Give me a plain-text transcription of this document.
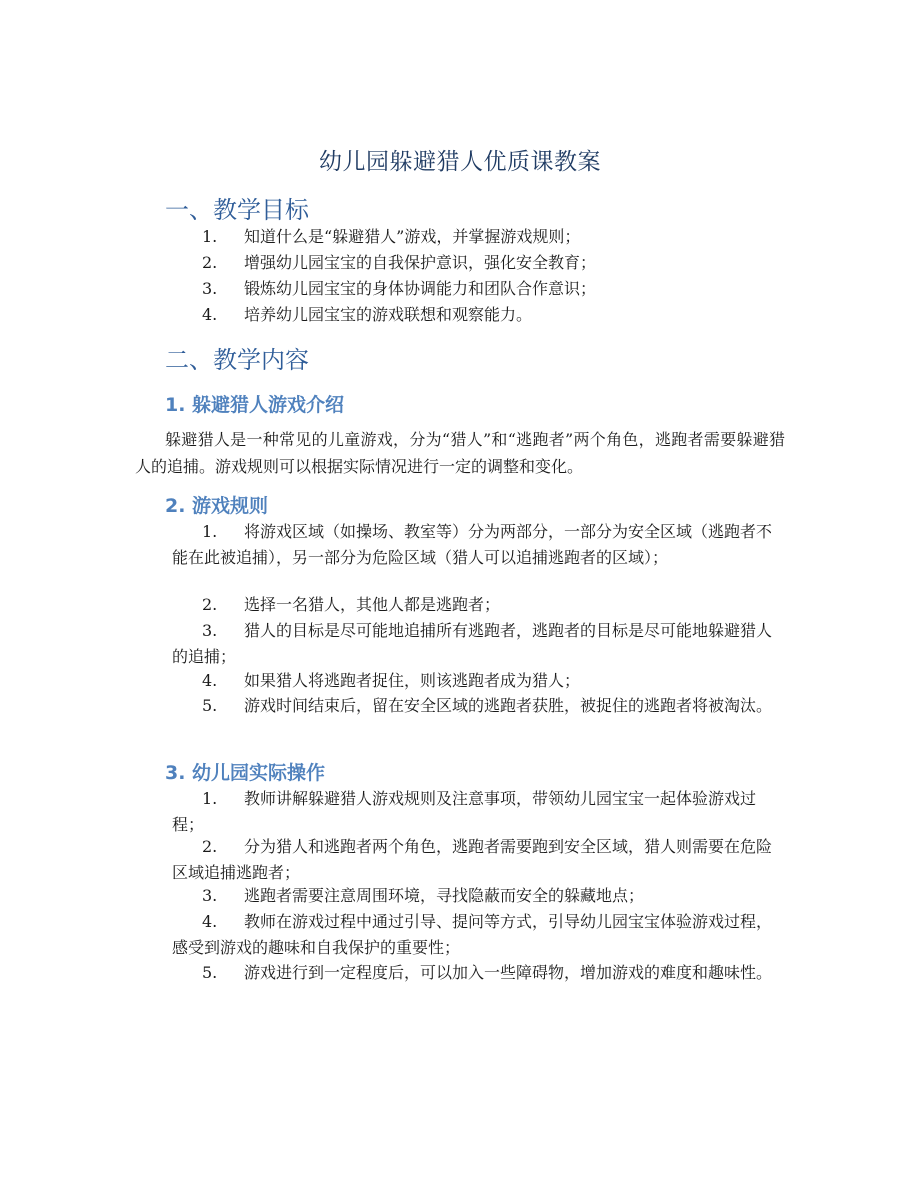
幼儿园躲避猎人优质课教案
一、教学目标
1. 知道什么是“躲避猎人”游戏，并掌握游戏规则；
2. 增强幼儿园宝宝的自我保护意识，强化安全教育；
3. 锻炼幼儿园宝宝的身体协调能力和团队合作意识；
4. 培养幼儿园宝宝的游戏联想和观察能力。
二、教学内容
1. 躲避猎人游戏介绍
躲避猎人是一种常见的儿童游戏，分为“猎人”和“逃跑者”两个角色，逃跑者需要躲避猎人的追捕。游戏规则可以根据实际情况进行一定的调整和变化。
2. 游戏规则
1. 将游戏区域（如操场、教室等）分为两部分，一部分为安全区域（逃跑者不能在此被追捕），另一部分为危险区域（猎人可以追捕逃跑者的区域）；
2. 选择一名猎人，其他人都是逃跑者；
3. 猎人的目标是尽可能地追捕所有逃跑者，逃跑者的目标是尽可能地躲避猎人的追捕；
4. 如果猎人将逃跑者捉住，则该逃跑者成为猎人；
5. 游戏时间结束后，留在安全区域的逃跑者获胜，被捉住的逃跑者将被淘汰。
3. 幼儿园实际操作
1. 教师讲解躲避猎人游戏规则及注意事项，带领幼儿园宝宝一起体验游戏过程；
2. 分为猎人和逃跑者两个角色，逃跑者需要跑到安全区域，猎人则需要在危险区域追捕逃跑者；
3. 逃跑者需要注意周围环境，寻找隐蔽而安全的躲藏地点；
4. 教师在游戏过程中通过引导、提问等方式，引导幼儿园宝宝体验游戏过程，感受到游戏的趣味和自我保护的重要性；
5. 游戏进行到一定程度后，可以加入一些障碍物，增加游戏的难度和趣味性。
